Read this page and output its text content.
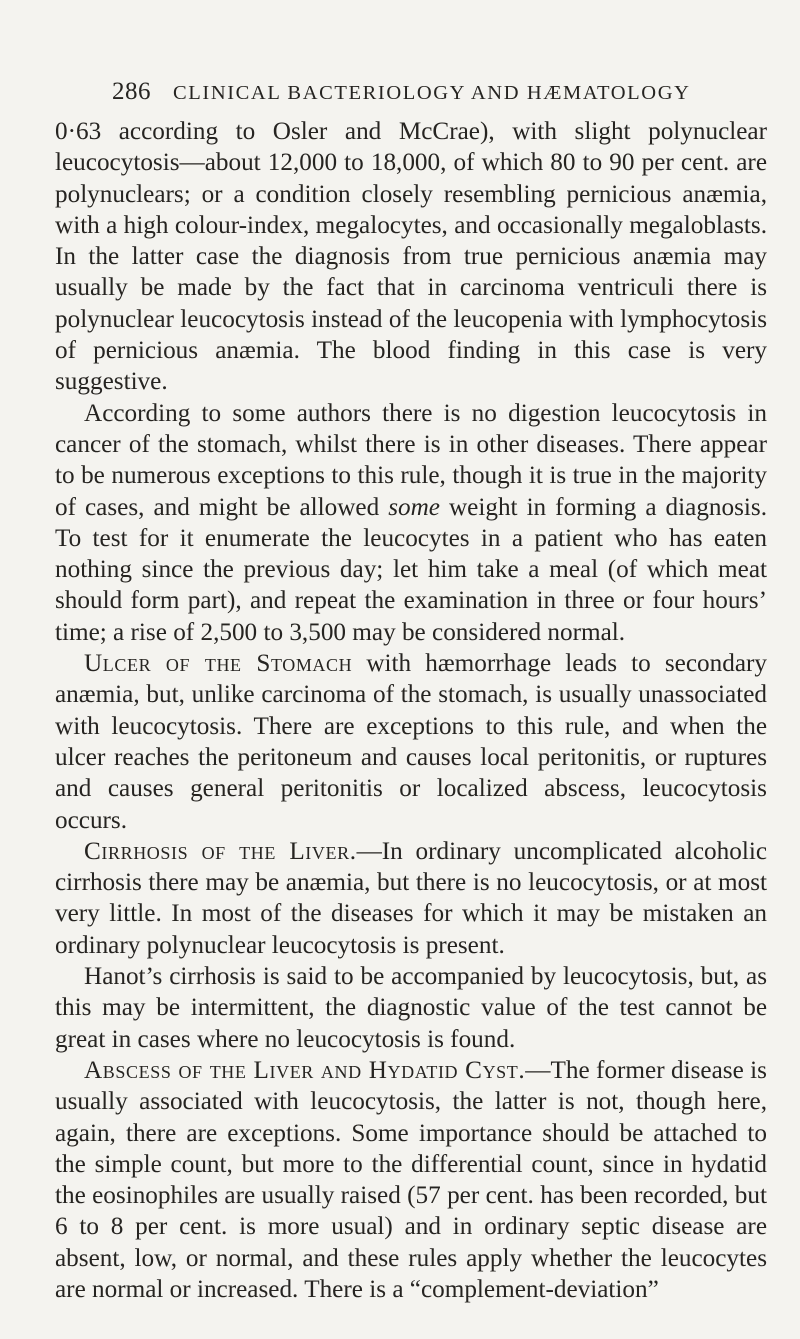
286 CLINICAL BACTERIOLOGY AND HÆMATOLOGY

0·63 according to Osler and McCrae), with slight polynuclear leucocytosis—about 12,000 to 18,000, of which 80 to 90 per cent. are polynuclears; or a condition closely resembling pernicious anæmia, with a high colour-index, megalocytes, and occasionally megaloblasts. In the latter case the diagnosis from true pernicious anæmia may usually be made by the fact that in carcinoma ventriculi there is polynuclear leucocytosis instead of the leucopenia with lymphocytosis of pernicious anæmia. The blood finding in this case is very suggestive.

According to some authors there is no digestion leucocytosis in cancer of the stomach, whilst there is in other diseases. There appear to be numerous exceptions to this rule, though it is true in the majority of cases, and might be allowed some weight in forming a diagnosis. To test for it enumerate the leucocytes in a patient who has eaten nothing since the previous day; let him take a meal (of which meat should form part), and repeat the examination in three or four hours’ time; a rise of 2,500 to 3,500 may be considered normal.

Ulcer of the Stomach with hæmorrhage leads to secondary anæmia, but, unlike carcinoma of the stomach, is usually unassociated with leucocytosis. There are exceptions to this rule, and when the ulcer reaches the peritoneum and causes local peritonitis, or ruptures and causes general peritonitis or localized abscess, leucocytosis occurs.

Cirrhosis of the Liver.—In ordinary uncomplicated alcoholic cirrhosis there may be anæmia, but there is no leucocytosis, or at most very little. In most of the diseases for which it may be mistaken an ordinary polynuclear leucocytosis is present.

Hanot’s cirrhosis is said to be accompanied by leucocytosis, but, as this may be intermittent, the diagnostic value of the test cannot be great in cases where no leucocytosis is found.

Abscess of the Liver and Hydatid Cyst.—The former disease is usually associated with leucocytosis, the latter is not, though here, again, there are exceptions. Some importance should be attached to the simple count, but more to the differential count, since in hydatid the eosinophiles are usually raised (57 per cent. has been recorded, but 6 to 8 per cent. is more usual) and in ordinary septic disease are absent, low, or normal, and these rules apply whether the leucocytes are normal or increased. There is a “complement-deviation”
